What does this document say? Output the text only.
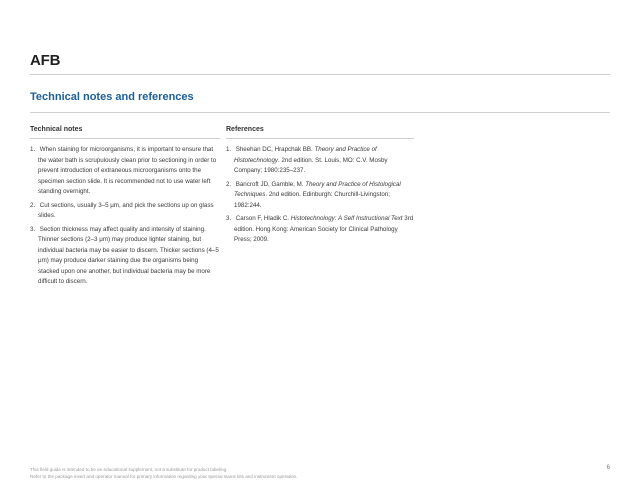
AFB
Technical notes and references
Technical notes
1. When staining for microorganisms, it is important to ensure that the water bath is scrupulously clean prior to sectioning in order to prevent introduction of extraneous microorganisms onto the specimen section slide. It is recommended not to use water left standing overnight.
2. Cut sections, usually 3–5 μm, and pick the sections up on glass slides.
3. Section thickness may affect quality and intensity of staining. Thinner sections (2–3 μm) may produce lighter staining, but individual bacteria may be easier to discern. Thicker sections (4–5 μm) may produce darker staining due the organisms being stacked upon one another, but individual bacteria may be more difficult to discern.
References
1. Sheehan DC, Hrapchak BB. Theory and Practice of Histotechnology. 2nd edition. St. Louis, MO: C.V. Mosby Company; 1980:235–237.
2. Bancroft JD, Gamble, M. Theory and Practice of Histological Techniques. 2nd edition. Edinburgh: Churchill-Livingston; 1982:244.
3. Carson F, Hladik C. Histotechnology: A Self Instructional Text 3rd edition. Hong Kong: American Society for Clinical Pathology Press; 2009.
This field guide is intended to be an educational supplement, not a substitute for product labeling.
Refer to the package insert and operator manual for primary information regarding your special stains kits and instrument operation.
6
